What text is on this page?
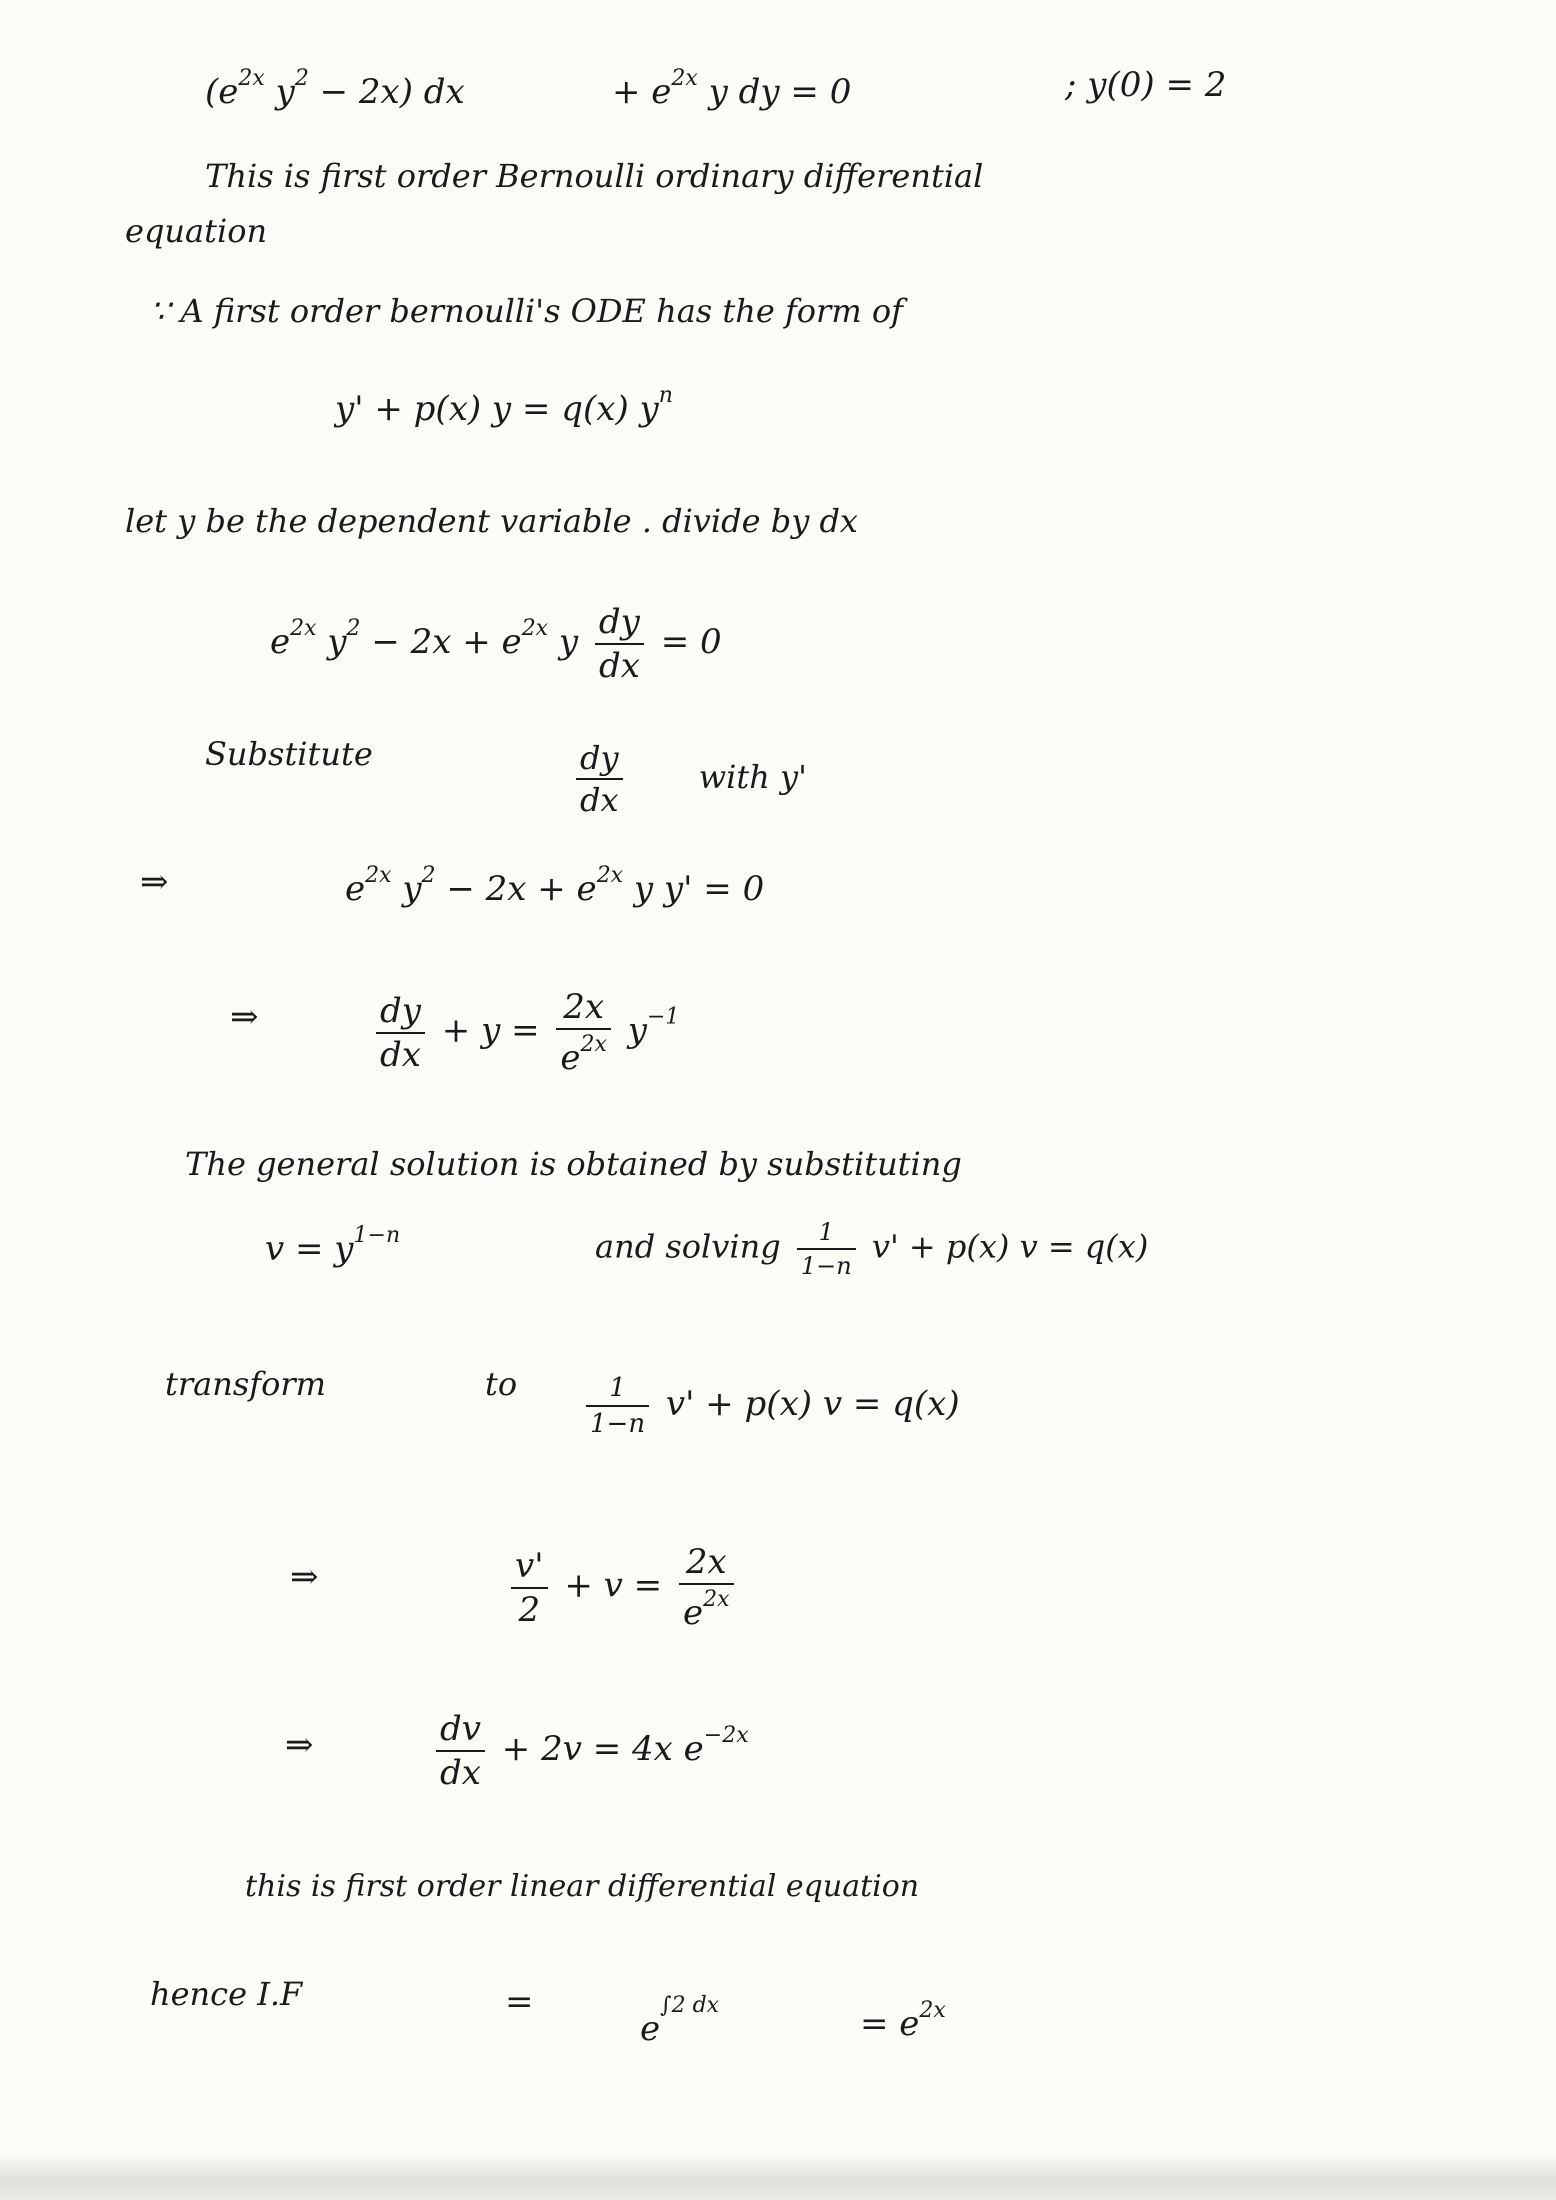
($e^{2x}$ $y^2 - 2x$) dx	+ $e^{2x}$ y dy = 0	; y(0) = 2
This is first order Bernoulli ordinary differential
equation
∵ A first order bernoulli's ODE has the form of
y' + p(x) y = q(x) $y^n$
let y be the dependent variable . divide by dx
$e^{2x}$ $y^2 - 2x + e^{2x}$ y $\frac{dy}{dx} = 0$
Substitute	$\frac{dy}{dx}$ with y'
⇒	$e^{2x}$ $y^2 - 2x + e^{2x}$ y y' = 0
⇒	$\frac{dy}{dx} + y = \frac{2x}{e^{2x}} y^{-1}$
The general solution is obtained by substituting
$v = y^{1-n}$	and solving $\frac{1}{1-n} v' + p(x) v = q(x)$
transform	to	$\frac{1}{1-n} v' + p(x) v = q(x)$
⇒	$\frac{v'}{2} + v = \frac{2x}{e^{2x}}$
⇒	$\frac{dv}{dx} + 2v = 4x$ $e^{-2x}$
this is first order linear differential equation
hence I.F	=
$e^{\int 2 dx}$	= $e^{2x}$
